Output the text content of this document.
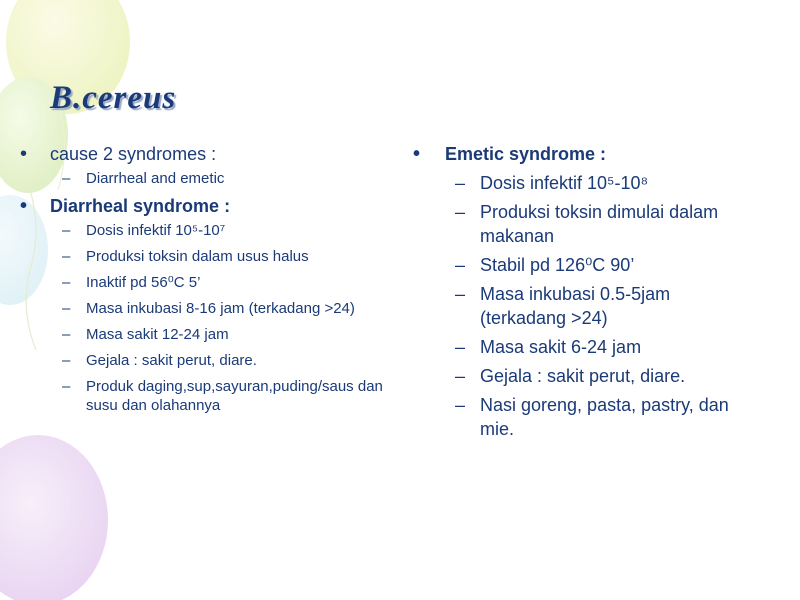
B.cereus
• cause 2 syndromes :
– Diarrheal and emetic
• Diarrheal syndrome :
– Dosis infektif 10⁵-10⁷
– Produksi toksin dalam usus halus
– Inaktif pd 56⁰C 5’
– Masa inkubasi 8-16 jam (terkadang >24)
– Masa sakit 12-24 jam
– Gejala : sakit perut, diare.
– Produk daging,sup,sayuran,puding/saus dan susu dan olahannya
• Emetic syndrome :
– Dosis infektif 10⁵-10⁸
– Produksi toksin dimulai dalam makanan
– Stabil pd 126⁰C 90’
– Masa inkubasi 0.5-5jam (terkadang >24)
– Masa sakit 6-24 jam
– Gejala : sakit perut, diare.
– Nasi goreng, pasta, pastry, dan mie.
